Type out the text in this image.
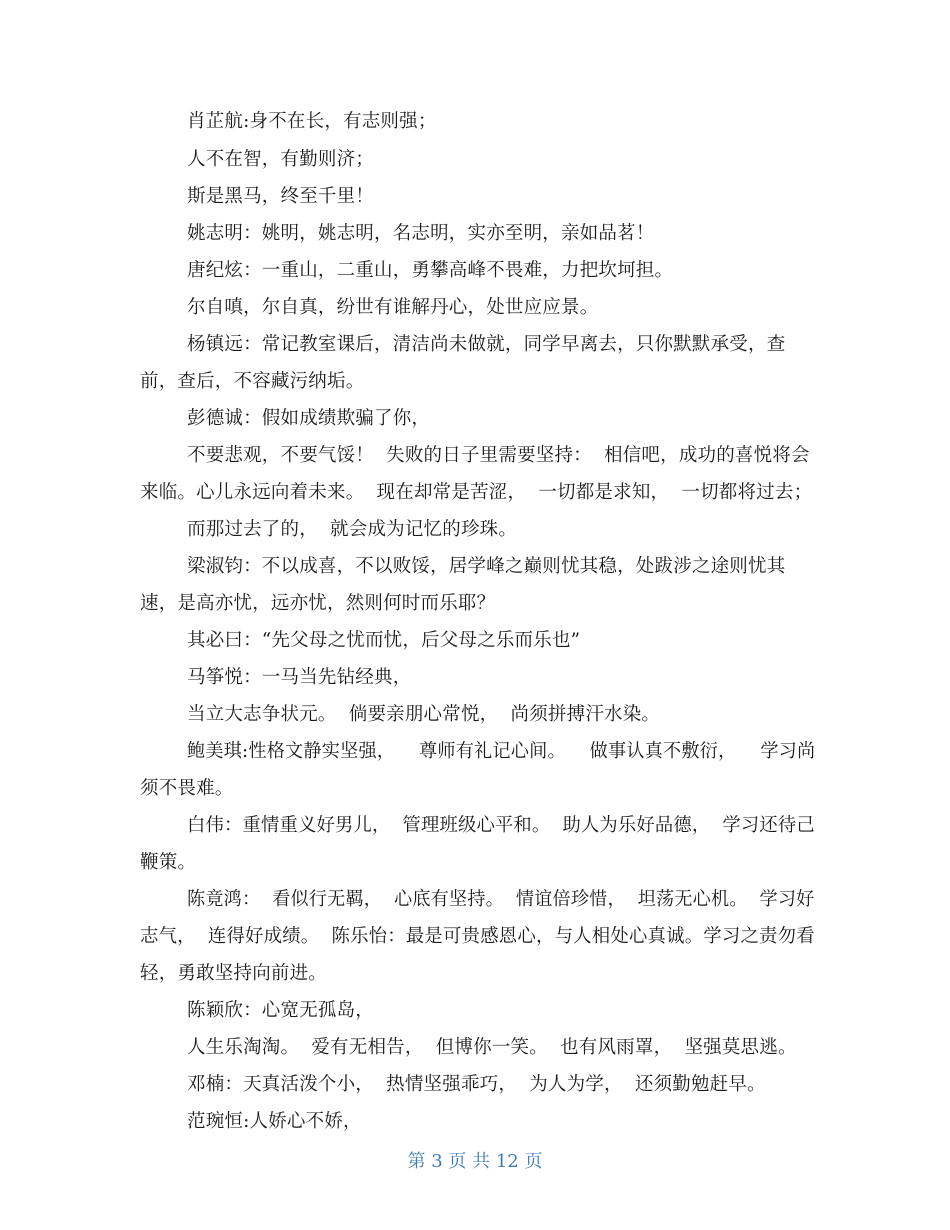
肖芷航:身不在长，有志则强；
人不在智，有勤则济；
斯是黑马，终至千里！
姚志明：姚明，姚志明，名志明，实亦至明，亲如品茗！
唐纪炫：一重山，二重山，勇攀高峰不畏难，力把坎坷担。
尔自嗔，尔自真，纷世有谁解丹心，处世应应景。
杨镇远：常记教室课后，清洁尚未做就，同学早离去，只你默默承受，查
前，查后，不容藏污纳垢。
彭德诚：假如成绩欺骗了你，
不要悲观，不要气馁！  失败的日子里需要坚持：  相信吧，成功的喜悦将会
来临。心儿永远向着未来。  现在却常是苦涩，  一切都是求知，  一切都将过去；
而那过去了的，  就会成为记忆的珍珠。
梁淑钧：不以成喜，不以败馁，居学峰之巅则忧其稳，处跋涉之途则忧其
速，是高亦忧，远亦忧，然则何时而乐耶？
其必曰：“先父母之忧而忧，后父母之乐而乐也”
马筝悦：一马当先钻经典，
当立大志争状元。  倘要亲朋心常悦，  尚须拼搏汗水染。
鲍美琪:性格文静实坚强，    尊师有礼记心间。    做事认真不敷衍，    学习尚
须不畏难。
白伟：重情重义好男儿，  管理班级心平和。  助人为乐好品德，  学习还待己
鞭策。
陈竟鸿：  看似行无羁，  心底有坚持。  情谊倍珍惜，  坦荡无心机。  学习好
志气，  连得好成绩。  陈乐怡：最是可贵感恩心，与人相处心真诚。学习之责勿看
轻，勇敢坚持向前进。
陈颖欣：心宽无孤岛，
人生乐淘淘。  爱有无相告，  但博你一笑。  也有风雨罩，  坚强莫思逃。
邓楠：天真活泼个小，  热情坚强乖巧，  为人为学，  还须勤勉赶早。
范琬恒:人娇心不娇，
第 3 页 共 12 页
